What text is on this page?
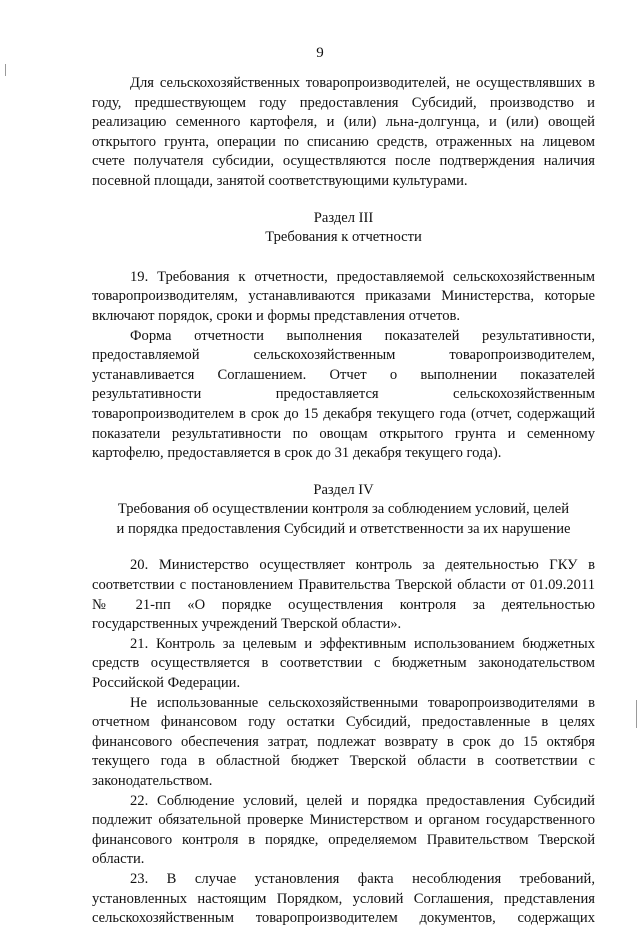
9

Для сельскохозяйственных товаропроизводителей, не осуществлявших в году, предшествующем году предоставления Субсидий, производство и реализацию семенного картофеля, и (или) льна-долгунца, и (или) овощей открытого грунта, операции по списанию средств, отраженных на лицевом счете получателя субсидии, осуществляются после подтверждения наличия посевной площади, занятой соответствующими культурами.

Раздел III

Требования к отчетности

19. Требования к отчетности, предоставляемой сельскохозяйственным товаропроизводителям, устанавливаются приказами Министерства, которые включают порядок, сроки и формы представления отчетов.

Форма отчетности выполнения показателей результативности, предоставляемой сельскохозяйственным товаропроизводителем, устанавливается Соглашением. Отчет о выполнении показателей результативности предоставляется сельскохозяйственным товаропроизводителем в срок до 15 декабря текущего года (отчет, содержащий показатели результативности по овощам открытого грунта и семенному картофелю, предоставляется в срок до 31 декабря текущего года).

Раздел IV

Требования об осуществлении контроля за соблюдением условий, целей

и порядка предоставления Субсидий и ответственности за их нарушение

20. Министерство осуществляет контроль за деятельностью ГКУ в соответствии с постановлением Правительства Тверской области от 01.09.2011 № 21-пп «О порядке осуществления контроля за деятельностью государственных учреждений Тверской области».

21. Контроль за целевым и эффективным использованием бюджетных средств осуществляется в соответствии с бюджетным законодательством Российской Федерации.

Не использованные сельскохозяйственными товаропроизводителями в отчетном финансовом году остатки Субсидий, предоставленные в целях финансового обеспечения затрат, подлежат возврату в срок до 15 октября текущего года в областной бюджет Тверской области в соответствии с законодательством.

22. Соблюдение условий, целей и порядка предоставления Субсидий подлежит обязательной проверке Министерством и органом государственного финансового контроля в порядке, определяемом Правительством Тверской области.

23. В случае установления факта несоблюдения требований, установленных настоящим Порядком, условий Соглашения, представления сельскохозяйственным товаропроизводителем документов, содержащих
